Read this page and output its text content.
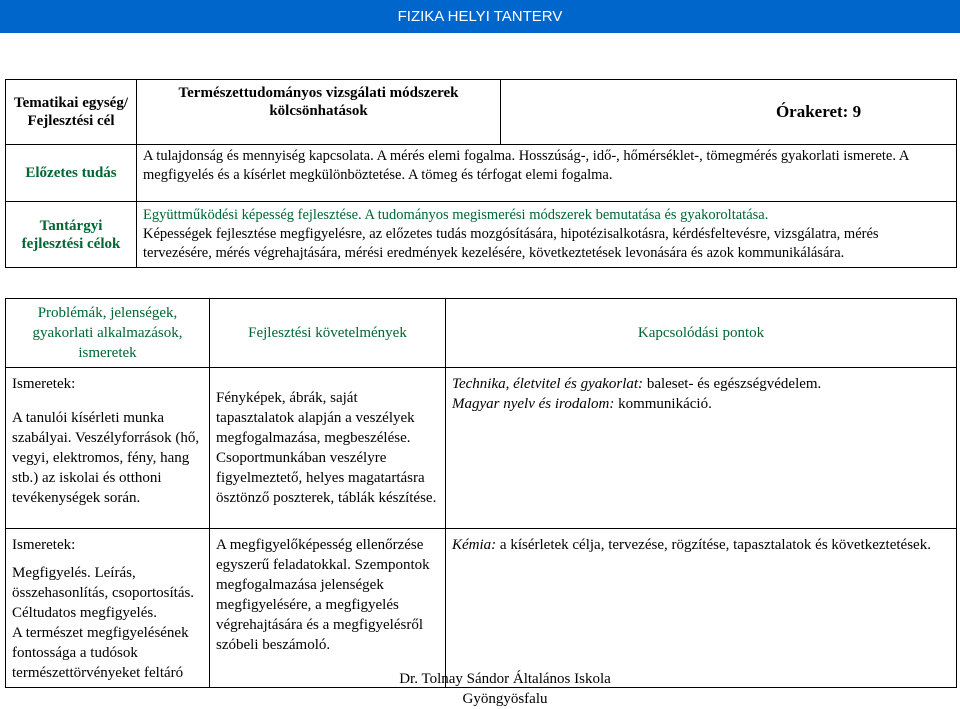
FIZIKA HELYI TANTERV
Tematikai egység/ Fejlesztési cél	Természettudományos vizsgálati módszerek kölcsönhatások	Órakeret: 9
Előzetes tudás	A tulajdonság és mennyiség kapcsolata. A mérés elemi fogalma. Hosszúság-, idő-, hőmérséklet-, tömegmérés gyakorlati ismerete. A megfigyelés és a kísérlet megkülönböztetése. A tömeg és térfogat elemi fogalma.	
Tantárgyi fejlesztési célok	Együttműködési képesség fejlesztése. A tudományos megismerési módszerek bemutatása és gyakoroltatása.
Képességek fejlesztése megfigyelésre, az előzetes tudás mozgósítására, hipotézisalkotásra, kérdésfeltevésre, vizsgálatra, mérés tervezésére, mérés végrehajtására, mérési eredmények kezelésére, következtetések levonására és azok kommunikálására.	
Problémák, jelenségek, gyakorlati alkalmazások, ismeretek	Fejlesztési követelmények	Kapcsolódási pontok

Ismeretek:
A tanulói kísérleti munka szabályai. Veszélyforrások (hő, vegyi, elektromos, fény, hang stb.) az iskolai és otthoni tevékenységek során.	Fényképek, ábrák, saját tapasztalatok alapján a veszélyek megfogalmazása, megbeszélése. Csoportmunkában veszélyre figyelmeztető, helyes magatartásra ösztönző poszterek, táblák készítése.	Technika, életvitel és gyakorlat: baleset- és egészségvédelem.
Magyar nyelv és irodalom: kommunikáció.

Ismeretek:
Megfigyelés. Leírás, összehasonlítás, csoportosítás. Céltudatos megfigyelés.
A természet megfigyelésének fontossága a tudósok természettörvényeket feltáró	A megfigyelőképesség ellenőrzése egyszerű feladatokkal. Szempontok megfogalmazása jelenségek megfigyelésére, a megfigyelés végrehajtására és a megfigyelésről szóbeli beszámoló.	Kémia: a kísérletek célja, tervezése, rögzítése, tapasztalatok és következtetések.
Dr. Tolnay Sándor Általános Iskola
Gyöngyösfalu
